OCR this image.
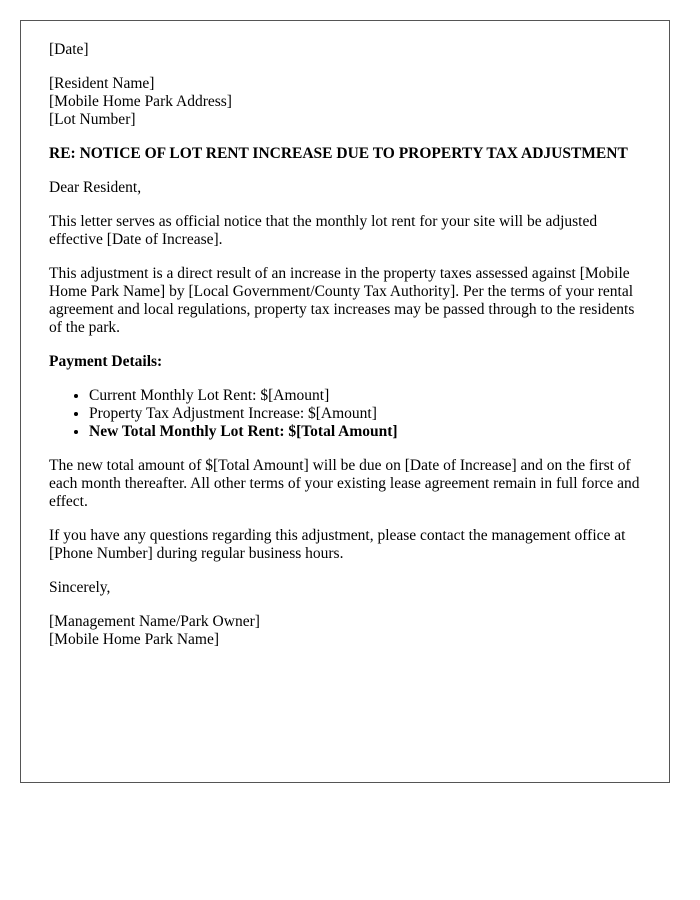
[Date]

[Resident Name]

[Mobile Home Park Address]

[Lot Number]

RE: NOTICE OF LOT RENT INCREASE DUE TO PROPERTY TAX ADJUSTMENT

Dear Resident,

This letter serves as official notice that the monthly lot rent for your site will be adjusted effective [Date of Increase].

This adjustment is a direct result of an increase in the property taxes assessed against [Mobile Home Park Name] by [Local Government/County Tax Authority]. Per the terms of your rental agreement and local regulations, property tax increases may be passed through to the residents of the park.

Payment Details:

• Current Monthly Lot Rent: $[Amount]
• Property Tax Adjustment Increase: $[Amount]
• New Total Monthly Lot Rent: $[Total Amount]

The new total amount of $[Total Amount] will be due on [Date of Increase] and on the first of each month thereafter. All other terms of your existing lease agreement remain in full force and effect.

If you have any questions regarding this adjustment, please contact the management office at [Phone Number] during regular business hours.

Sincerely,

[Management Name/Park Owner]

[Mobile Home Park Name]
